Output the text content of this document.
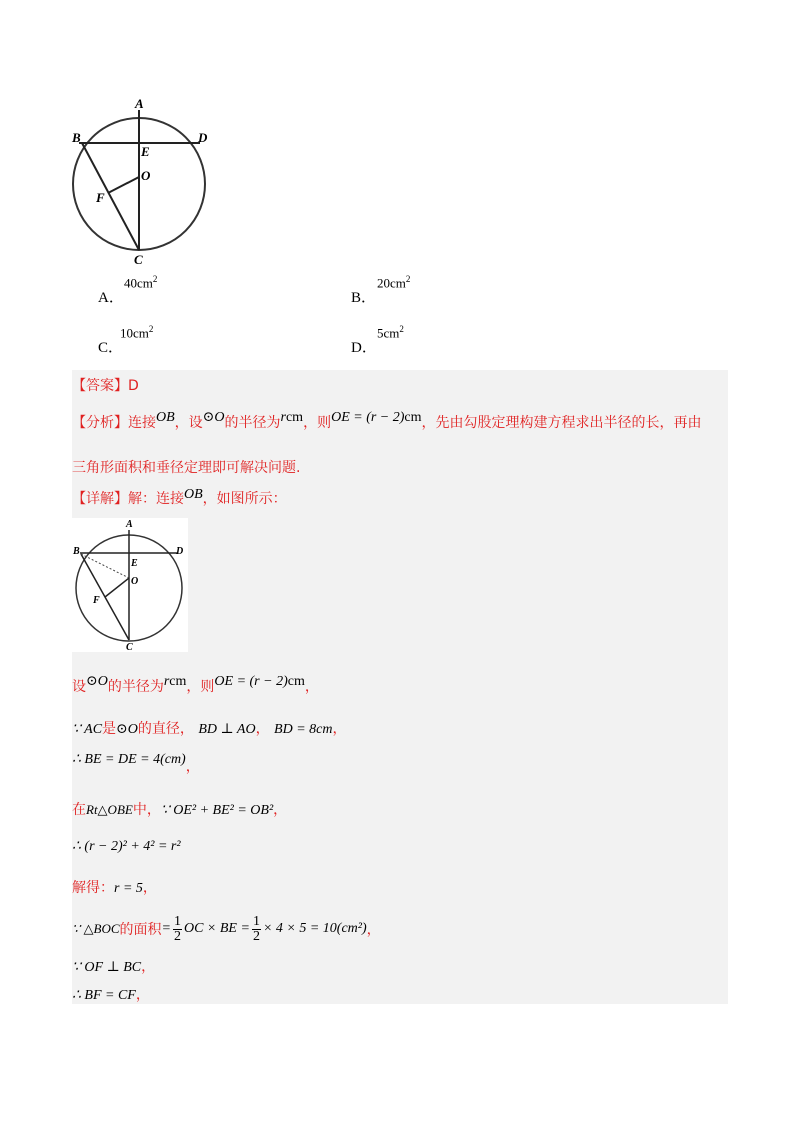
A
B	D
E
O
F
C
A．
$40cm^2$
B．
$20cm^2$
C．
$10cm^2$
D．
$5cm^2$
【答案】D
【分析】连接OB，设⊙O的半径为rcm，则OE = (r − 2)cm，先由勾股定理构建方程求出半径的长，再由
三角形面积和垂径定理即可解决问题.
【详解】解：连接OB，如图所示：
A
B	D
E
O
F
C
设⊙O的半径为rcm，则OE = (r − 2)cm，
∵ AC是⊙O的直径， BD ⊥ AO， BD = 8cm，
∴ BE = DE = 4(cm)，
在Rt△OBE中，∵ OE² + BE² = OB²，
∴ (r − 2)² + 4² = r²
解得：r = 5，
∵ △BOC 的面积 = $\frac{1}{2}$ OC × BE = $\frac{1}{2} \times 4 \times 5 = 10(cm^2)$ ，
∵ OF ⊥ BC，
∴ BF = CF，
